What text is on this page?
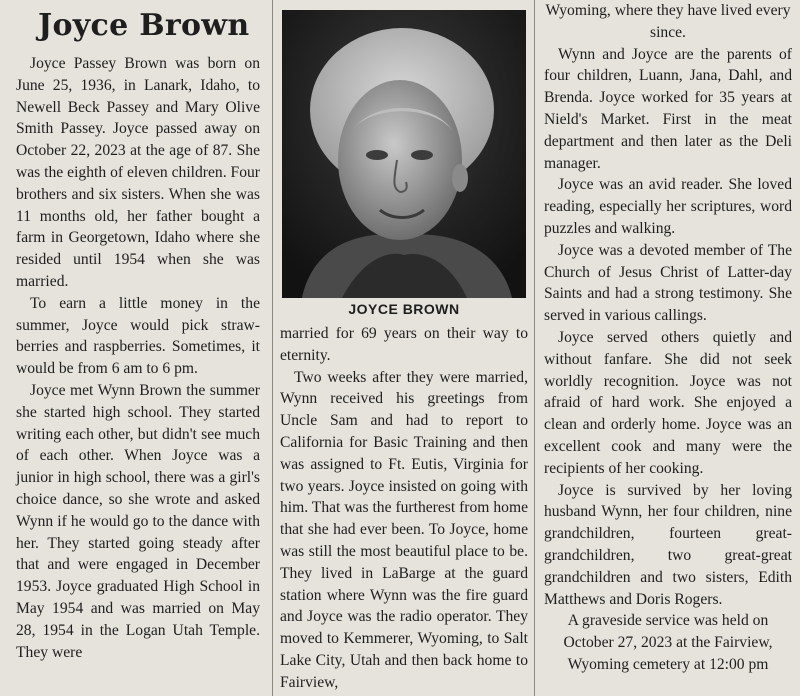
Joyce Brown

Joyce Passey Brown was born on June 25, 1936, in Lanark, Idaho, to Newell Beck Passey and Mary Olive Smith Passey. Joyce passed away on October 22, 2023 at the age of 87. She was the eighth of eleven children. Four brothers and six sisters. When she was 11 months old, her father bought a farm in Georgetown, Idaho where she resided until 1954 when she was married.

To earn a little money in the summer, Joyce would pick strawberries and raspberries. Sometimes, it would be from 6 am to 6 pm.

Joyce met Wynn Brown the summer she started high school. They started writing each other, but didn't see much of each other. When Joyce was a junior in high school, there was a girl's choice dance, so she wrote and asked Wynn if he would go to the dance with her. They started going steady after that and were engaged in December 1953. Joyce graduated High School in May 1954 and was married on May 28, 1954 in the Logan Utah Temple. They were

JOYCE BROWN

married for 69 years on their way to eternity.

Two weeks after they were married, Wynn received his greetings from Uncle Sam and had to report to California for Basic Training and then was assigned to Ft. Eutis, Virginia for two years. Joyce insisted on going with him. That was the furtherest from home that she had ever been. To Joyce, home was still the most beautiful place to be. They lived in LaBarge at the guard station where Wynn was the fire guard and Joyce was the radio operator. They moved to Kemmerer, Wyoming, to Salt Lake City, Utah and then back home to Fairview,

Wyoming, where they have lived every since.

Wynn and Joyce are the parents of four children, Luann, Jana, Dahl, and Brenda. Joyce worked for 35 years at Nield's Market. First in the meat department and then later as the Deli manager.

Joyce was an avid reader. She loved reading, especially her scriptures, word puzzles and walking.

Joyce was a devoted member of The Church of Jesus Christ of Latter-day Saints and had a strong testimony. She served in various callings.

Joyce served others quietly and without fanfare. She did not seek worldly recognition. Joyce was not afraid of hard work. She enjoyed a clean and orderly home. Joyce was an excellent cook and many were the recipients of her cooking.

Joyce is survived by her loving husband Wynn, her four children, nine grandchildren, fourteen great-grandchildren, two great-great grandchildren and two sisters, Edith Matthews and Doris Rogers.

A graveside service was held on October 27, 2023 at the Fairview, Wyoming cemetery at 12:00 pm
